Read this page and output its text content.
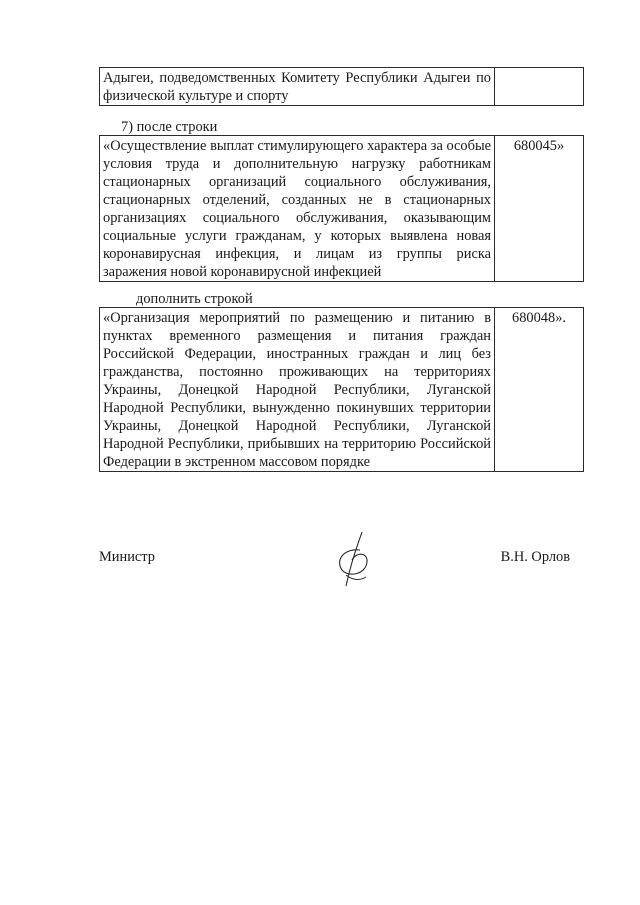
Адыгеи, подведомственных Комитету Республики Адыгеи по физической культуре и спорту	
7) после строки
«Осуществление выплат стимулирующего характера за особые условия труда и дополнительную нагрузку работникам стационарных организаций социального обслуживания, стационарных отделений, созданных не в стационарных организациях социального обслуживания, оказывающим социальные услуги гражданам, у которых выявлена новая коронавирусная инфекция, и лицам из группы риска заражения новой коронавирусной инфекцией	680045»
дополнить строкой
«Организация мероприятий по размещению и питанию в пунктах временного размещения и питания граждан Российской Федерации, иностранных граждан и лиц без гражданства, постоянно проживающих на территориях Украины, Донецкой Народной Республики, Луганской Народной Республики, вынужденно покинувших территории Украины, Донецкой Народной Республики, Луганской Народной Республики, прибывших на территорию Российской Федерации в экстренном массовом порядке	680048».
Министр	В.Н. Орлов
